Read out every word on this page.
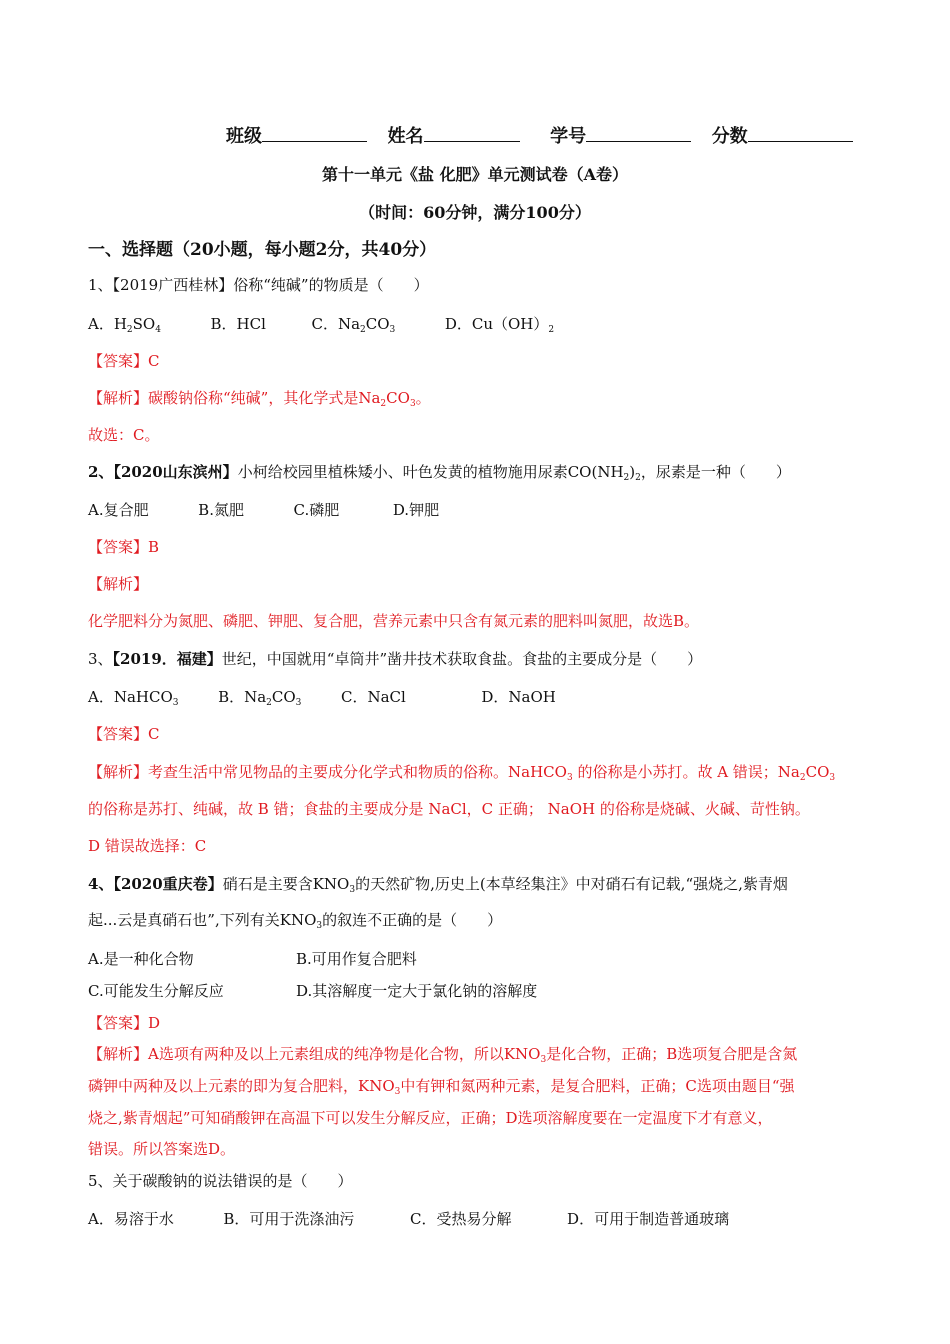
班级	姓名	学号	分数
第十一单元《盐 化肥》单元测试卷（A卷）
（时间：60分钟，满分100分）
一、选择题（20小题，每小题2分，共40分）
1、【2019广西桂林】俗称“纯碱”的物质是（　　）
A．$H_2SO_4$	B．HCl	C．$Na_2CO_3$	D．$Cu(OH)_2$
【答案】C
【解析】碳酸钠俗称“纯碱”，其化学式是$Na_2CO_3$。
故选：C。
2、【2020山东滨州】小柯给校园里植株矮小、叶色发黄的植物施用尿素$CO(NH_2)_2$，尿素是一种（　　）
A.复合肥	B.氮肥	C.磷肥	D.钾肥
【答案】B
【解析】
化学肥料分为氮肥、磷肥、钾肥、复合肥，营养元素中只含有氮元素的肥料叫氮肥，故选B。
3、【2019．福建】世纪，中国就用“卓筒井”凿井技术获取食盐。食盐的主要成分是（　　）
A．NaHCO$_3$	B．$Na_2CO_3$	C．NaCl	D．NaOH
【答案】C
【解析】考查生活中常见物品的主要成分化学式和物质的俗称。NaHCO$_3$ 的俗称是小苏打。故 A 错误；$Na_2CO_3$
的俗称是苏打、纯碱，故 B 错；食盐的主要成分是 NaCl，C 正确； NaOH 的俗称是烧碱、火碱、苛性钠。
D 错误故选择：C
4、【2020重庆卷】硝石是主要含$KNO_3$的天然矿物,历史上(本草经集注》中对硝石有记载,“强烧之,紫青烟
起...云是真硝石也”,下列有关$KNO_3$的叙连不正确的是（　　）
A.是一种化合物	B.可用作复合肥料
C.可能发生分解反应	D.其溶解度一定大于氯化钠的溶解度
【答案】D
【解析】A选项有两种及以上元素组成的纯净物是化合物，所以$KNO_3$是化合物，正确；B选项复合肥是含氮
磷钾中两种及以上元素的即为复合肥料，$KNO_3$中有钾和氮两种元素，是复合肥料，正确；C选项由题目“强
烧之,紫青烟起”可知硝酸钾在高温下可以发生分解反应，正确；D选项溶解度要在一定温度下才有意义，
错误。所以答案选D。
5、关于碳酸钠的说法错误的是（　　）
A．易溶于水	B．可用于洗涤油污	C．受热易分解	D．可用于制造普通玻璃
